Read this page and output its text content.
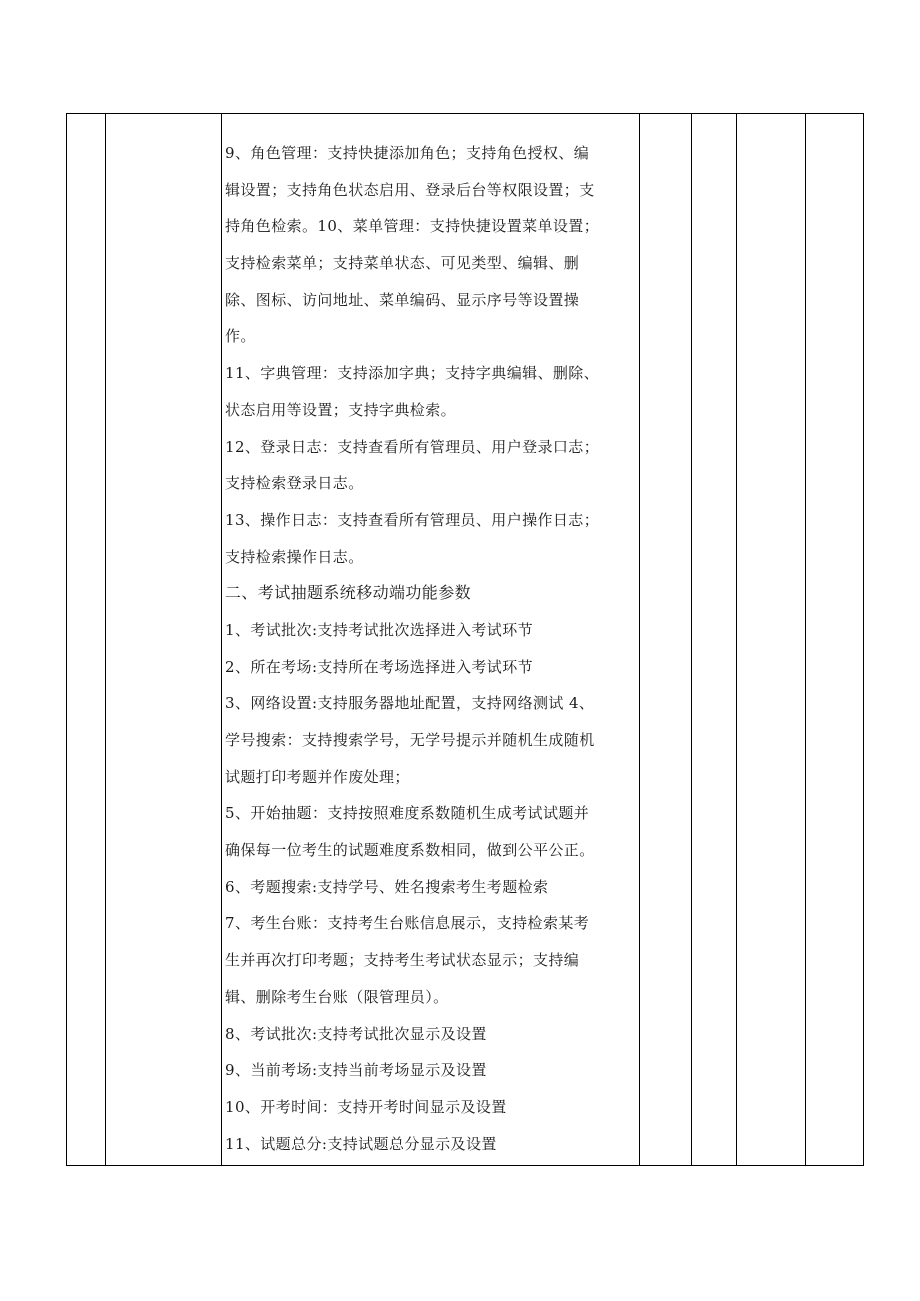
9、角色管理：支持快捷添加角色；支持角色授权、编
辑设置；支持角色状态启用、登录后台等权限设置；支
持角色检索。10、菜单管理：支持快捷设置菜单设置；
支持检索菜单；支持菜单状态、可见类型、编辑、删
除、图标、访问地址、菜单编码、显示序号等设置操
作。
11、字典管理：支持添加字典；支持字典编辑、删除、
状态启用等设置；支持字典检索。
12、登录日志：支持查看所有管理员、用户登录口志；
支持检索登录日志。
13、操作日志：支持查看所有管理员、用户操作日志；
支持检索操作日志。
二、考试抽题系统移动端功能参数
1、考试批次:支持考试批次选择进入考试环节
2、所在考场:支持所在考场选择进入考试环节
3、网络设置:支持服务器地址配置，支持网络测试 4、
学号搜索：支持搜索学号，无学号提示并随机生成随机
试题打印考题并作废处理；
5、开始抽题：支持按照难度系数随机生成考试试题并
确保每一位考生的试题难度系数相同，做到公平公正。
6、考题搜索:支持学号、姓名搜索考生考题检索
7、考生台账：支持考生台账信息展示，支持检索某考
生并再次打印考题；支持考生考试状态显示；支持编
辑、删除考生台账（限管理员）。
8、考试批次:支持考试批次显示及设置
9、当前考场:支持当前考场显示及设置
10、开考时间：支持开考时间显示及设置
11、试题总分:支持试题总分显示及设置
